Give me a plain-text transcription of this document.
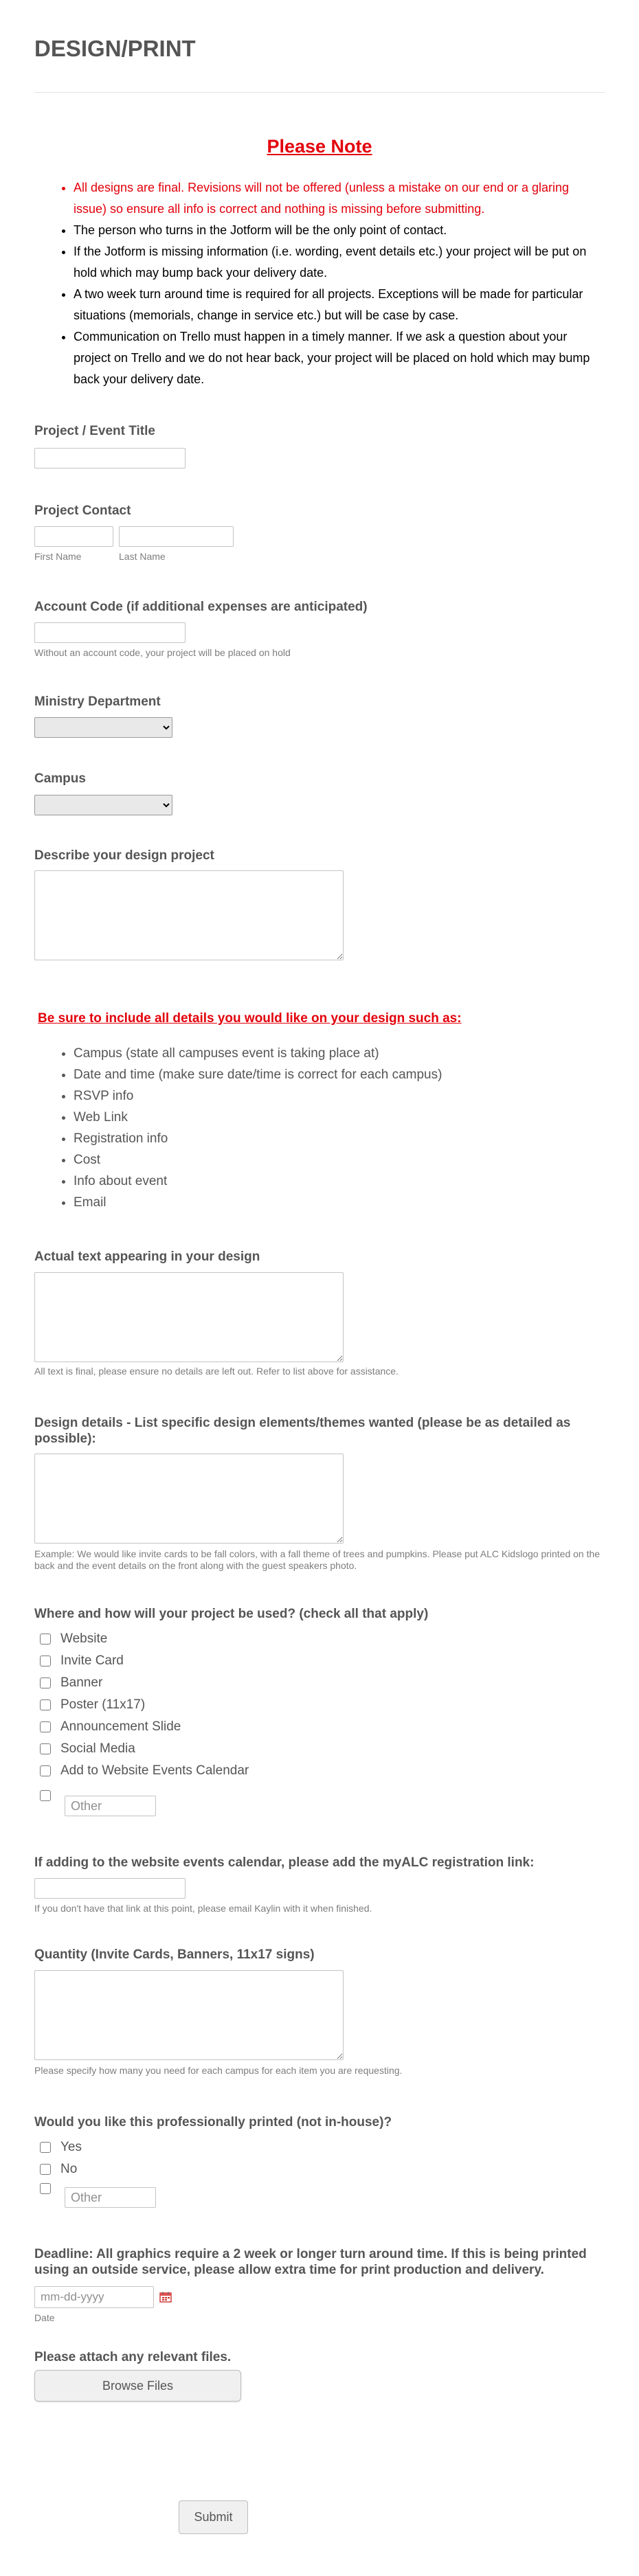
DESIGN/PRINT
Please Note
• All designs are final. Revisions will not be offered (unless a mistake on our end or a glaring issue) so ensure all info is correct and nothing is missing before submitting.
• The person who turns in the Jotform will be the only point of contact.
• If the Jotform is missing information (i.e. wording, event details etc.) your project will be put on hold which may bump back your delivery date.
• A two week turn around time is required for all projects. Exceptions will be made for particular situations (memorials, change in service etc.) but will be case by case.
• Communication on Trello must happen in a timely manner. If we ask a question about your project on Trello and we do not hear back, your project will be placed on hold which may bump back your delivery date.
Project / Event Title
Project Contact
First Name	Last Name
Account Code (if additional expenses are anticipated)
Without an account code, your project will be placed on hold
Ministry Department
Campus
Describe your design project
Be sure to include all details you would like on your design such as:
• Campus (state all campuses event is taking place at)
• Date and time (make sure date/time is correct for each campus)
• RSVP info
• Web Link
• Registration info
• Cost
• Info about event
• Email
Actual text appearing in your design
All text is final, please ensure no details are left out. Refer to list above for assistance.
Design details - List specific design elements/themes wanted (please be as detailed as possible):
Example: We would like invite cards to be fall colors, with a fall theme of trees and pumpkins. Please put ALC Kidslogo printed on the back and the event details on the front along with the guest speakers photo.
Where and how will your project be used? (check all that apply)
Website
Invite Card
Banner
Poster (11x17)
Announcement Slide
Social Media
Add to Website Events Calendar
Other
If adding to the website events calendar, please add the myALC registration link:
If you don't have that link at this point, please email Kaylin with it when finished.
Quantity (Invite Cards, Banners, 11x17 signs)
Please specify how many you need for each campus for each item you are requesting.
Would you like this professionally printed (not in-house)?
Yes
No
Other
Deadline: All graphics require a 2 week or longer turn around time. If this is being printed using an outside service, please allow extra time for print production and delivery.
mm-dd-yyyy
Date
Please attach any relevant files.
Browse Files
Submit
